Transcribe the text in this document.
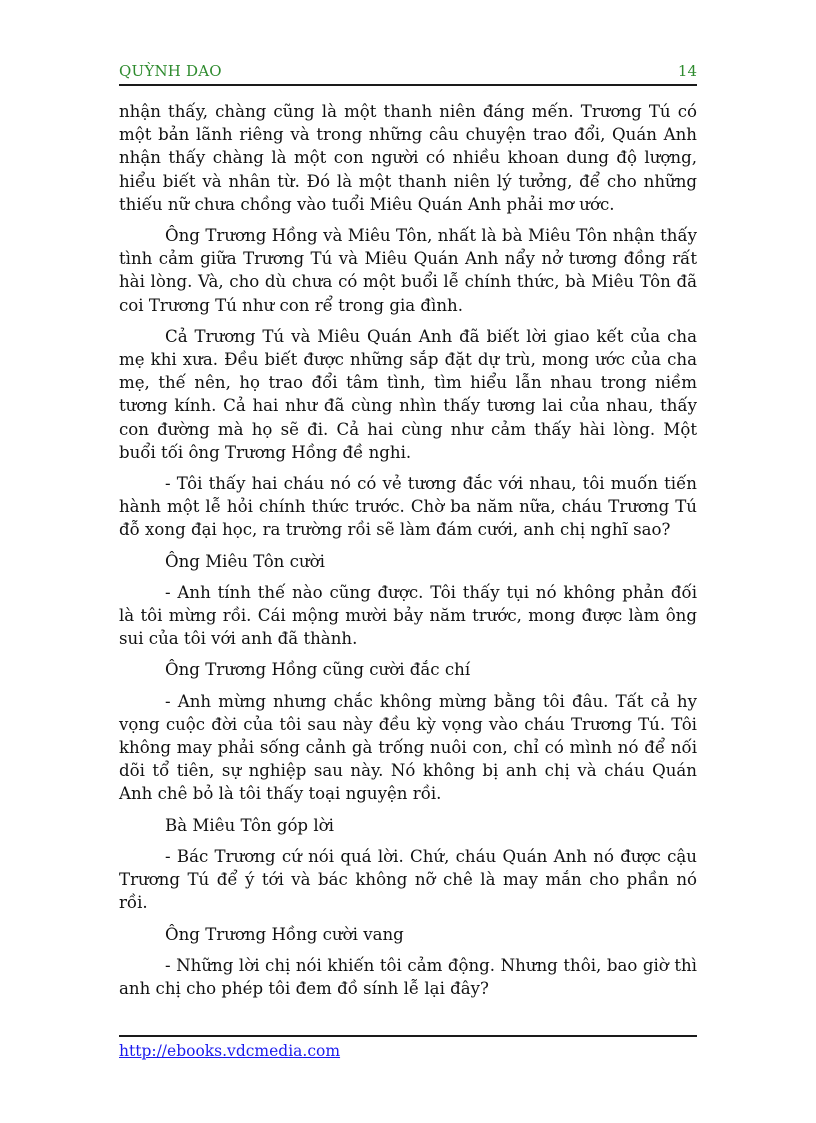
QUỲNH DAO	14

nhận thấy, chàng cũng là một thanh niên đáng mến. Trương Tú có một bản lãnh riêng và trong những câu chuyện trao đổi, Quán Anh nhận thấy chàng là một con người có nhiều khoan dung độ lượng, hiểu biết và nhân từ. Đó là một thanh niên lý tưởng, để cho những thiếu nữ chưa chồng vào tuổi Miêu Quán Anh phải mơ ước.

Ông Trương Hồng và Miêu Tôn, nhất là bà Miêu Tôn nhận thấy tình cảm giữa Trương Tú và Miêu Quán Anh nẩy nở tương đồng rất hài lòng. Và, cho dù chưa có một buổi lễ chính thức, bà Miêu Tôn đã coi Trương Tú như con rể trong gia đình.

Cả Trương Tú và Miêu Quán Anh đã biết lời giao kết của cha mẹ khi xưa. Đều biết được những sắp đặt dự trù, mong ước của cha mẹ, thế nên, họ trao đổi tâm tình, tìm hiểu lẫn nhau trong niềm tương kính. Cả hai như đã cùng nhìn thấy tương lai của nhau, thấy con đường mà họ sẽ đi. Cả hai cùng như cảm thấy hài lòng. Một buổi tối ông Trương Hồng đề nghi.

- Tôi thấy hai cháu nó có vẻ tương đắc với nhau, tôi muốn tiến hành một lễ hỏi chính thức trước. Chờ ba năm nữa, cháu Trương Tú đỗ xong đại học, ra trường rồi sẽ làm đám cưới, anh chị nghĩ sao?

Ông Miêu Tôn cười

- Anh tính thế nào cũng được. Tôi thấy tụi nó không phản đối là tôi mừng rồi. Cái mộng mười bảy năm trước, mong được làm ông sui của tôi với anh đã thành.

Ông Trương Hồng cũng cười đắc chí

- Anh mừng nhưng chắc không mừng bằng tôi đâu. Tất cả hy vọng cuộc đời của tôi sau này đều kỳ vọng vào cháu Trương Tú. Tôi không may phải sống cảnh gà trống nuôi con, chỉ có mình nó để nối dõi tổ tiên, sự nghiệp sau này. Nó không bị anh chị và cháu Quán Anh chê bỏ là tôi thấy toại nguyện rồi.

Bà Miêu Tôn góp lời

- Bác Trương cứ nói quá lời. Chứ, cháu Quán Anh nó được cậu Trương Tú để ý tới và bác không nỡ chê là may mắn cho phần nó rồi.

Ông Trương Hồng cười vang

- Những lời chị nói khiến tôi cảm động. Nhưng thôi, bao giờ thì anh chị cho phép tôi đem đồ sính lễ lại đây?

http://ebooks.vdcmedia.com
